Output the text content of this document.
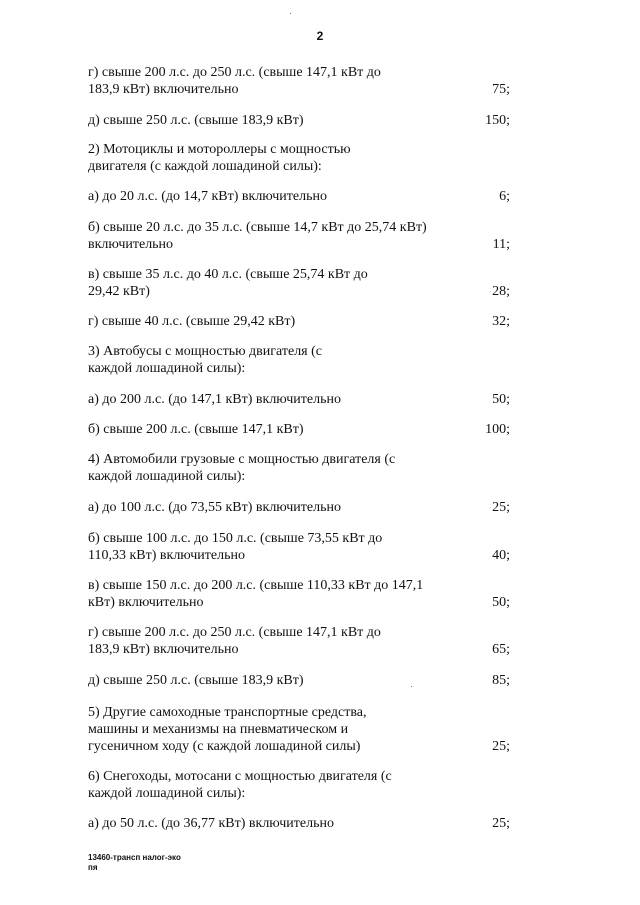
2
г) свыше 200 л.с. до 250 л.с. (свыше 147,1 кВт до 183,9 кВт) включительно	75;
д) свыше 250 л.с. (свыше 183,9 кВт)	150;
2) Мотоциклы и мотороллеры с мощностью двигателя (с каждой лошадиной силы):
а) до 20 л.с. (до 14,7 кВт) включительно	6;
б) свыше 20 л.с. до 35 л.с. (свыше 14,7 кВт до 25,74 кВт) включительно	11;
в) свыше 35 л.с. до 40 л.с. (свыше 25,74 кВт до 29,42 кВт)	28;
г) свыше 40 л.с. (свыше 29,42 кВт)	32;
3) Автобусы с мощностью двигателя (с каждой лошадиной силы):
а) до 200 л.с. (до 147,1 кВт) включительно	50;
б) свыше 200 л.с. (свыше 147,1 кВт)	100;
4) Автомобили грузовые с мощностью двигателя (с каждой лошадиной силы):
а) до 100 л.с. (до 73,55 кВт) включительно	25;
б) свыше 100 л.с. до 150 л.с. (свыше 73,55 кВт до 110,33 кВт) включительно	40;
в) свыше 150 л.с. до 200 л.с. (свыше 110,33 кВт до 147,1 кВт) включительно	50;
г) свыше 200 л.с. до 250 л.с. (свыше 147,1 кВт до 183,9 кВт) включительно	65;
д) свыше 250 л.с. (свыше 183,9 кВт)	85;
5) Другие самоходные транспортные средства, машины и механизмы на пневматическом и гусеничном ходу (с каждой лошадиной силы)	25;
6) Снегоходы, мотосани с мощностью двигателя (с каждой лошадиной силы):
а) до 50 л.с. (до 36,77 кВт) включительно	25;
13460-трансп налог-эко
пя
